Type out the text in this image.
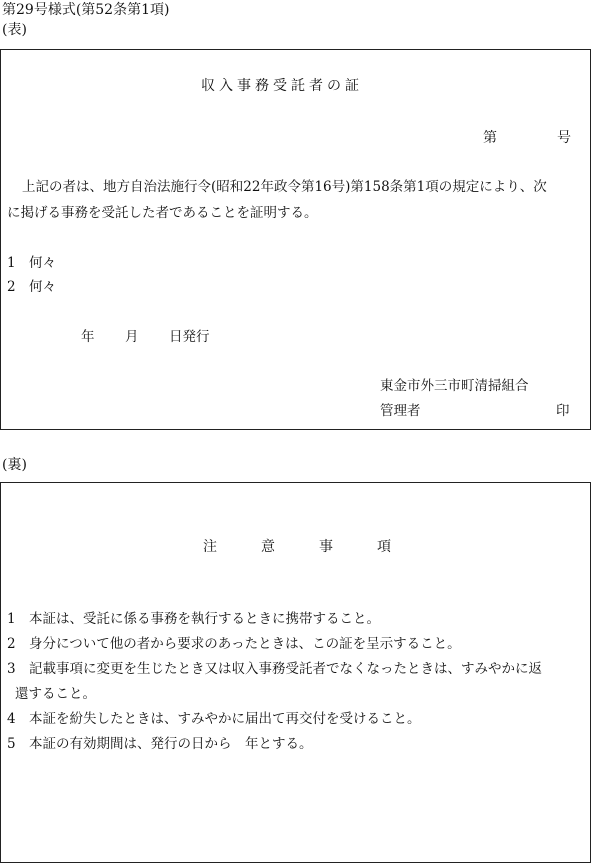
第29号様式(第52条第1項)
(表)
収入事務受託者の証
第	号
上記の者は、地方自治法施行令(昭和22年政令第16号)第158条第1項の規定により、次
に掲げる事務を受託した者であることを証明する。
1 何々
2 何々
年 月 日発行
東金市外三市町清掃組合
管理者	印
(裏)
注	意	事	項
1 本証は、受託に係る事務を執行するときに携帯すること。
2 身分について他の者から要求のあったときは、この証を呈示すること。
3 記載事項に変更を生じたとき又は収入事務受託者でなくなったときは、すみやかに返
還すること。
4 本証を紛失したときは、すみやかに届出て再交付を受けること。
5 本証の有効期間は、発行の日から　年とする。
